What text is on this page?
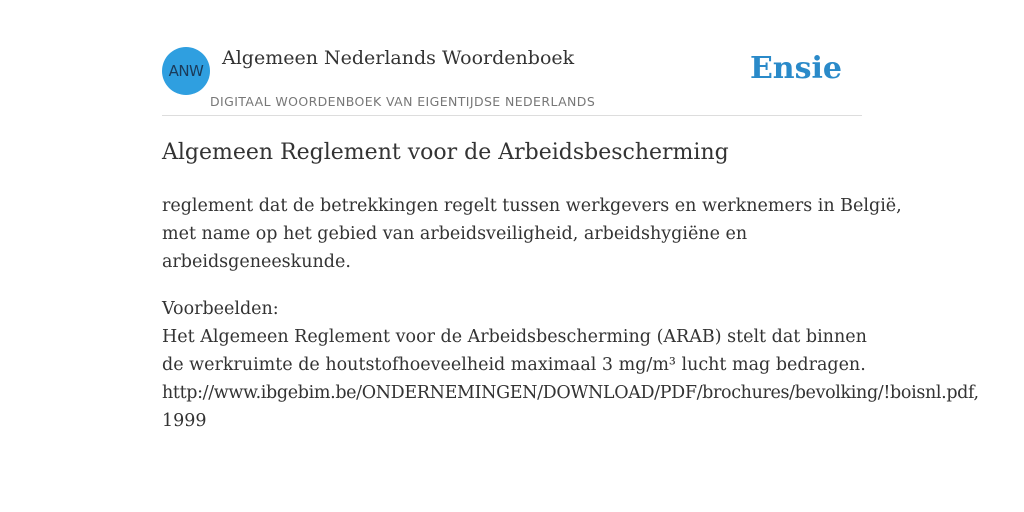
ANW
Algemeen Nederlands Woordenboek
DIGITAAL WOORDENBOEK VAN EIGENTIJDSE NEDERLANDS
Ensie
Algemeen Reglement voor de Arbeidsbescherming
reglement dat de betrekkingen regelt tussen werkgevers en werknemers in België,
met name op het gebied van arbeidsveiligheid, arbeidshygiëne en
arbeidsgeneeskunde.
Voorbeelden:
Het Algemeen Reglement voor de Arbeidsbescherming (ARAB) stelt dat binnen
de werkruimte de houtstofhoeveelheid maximaal 3 mg/m³ lucht mag bedragen.
http://www.ibgebim.be/ONDERNEMINGEN/DOWNLOAD/PDF/brochures/bevolking/!boisnl.pdf,
1999
